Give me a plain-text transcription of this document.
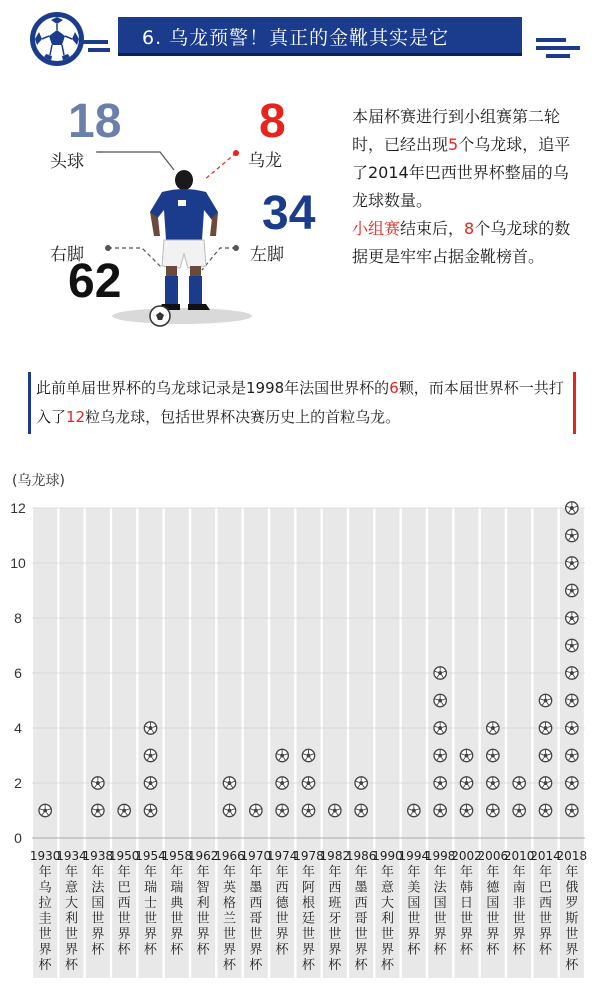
6. 乌龙预警！真正的金靴其实是它
18	8
34
62
头球	乌龙
右脚	左脚
本届杯赛进行到小组赛第二轮时，已经出现5个乌龙球，追平了2014年巴西世界杯整届的乌龙球数量。
小组赛结束后，8个乌龙球的数据更是牢牢占据金靴榜首。
此前单届世界杯的乌龙球记录是1998年法国世界杯的6颗，而本届世界杯一共打入了12粒乌龙球，包括世界杯决赛历史上的首粒乌龙。
(乌龙球)
0
2
4
6
8
10
12
1930 年乌拉圭世界杯
1934 年意大利世界杯
1938 年法国世界杯
1950 年巴西世界杯
1954 年瑞士世界杯
1958 年瑞典世界杯
1962 年智利世界杯
1966 年英格兰世界杯
1970 年墨西哥世界杯
1974 年西德世界杯
1978 年阿根廷世界杯
1982 年西班牙世界杯
1986 年墨西哥世界杯
1990 年意大利世界杯
1994 年美国世界杯
1998 年法国世界杯
2002 年韩日世界杯
2006 年德国世界杯
2010 年南非世界杯
2014 年巴西世界杯
2018 年俄罗斯世界杯
